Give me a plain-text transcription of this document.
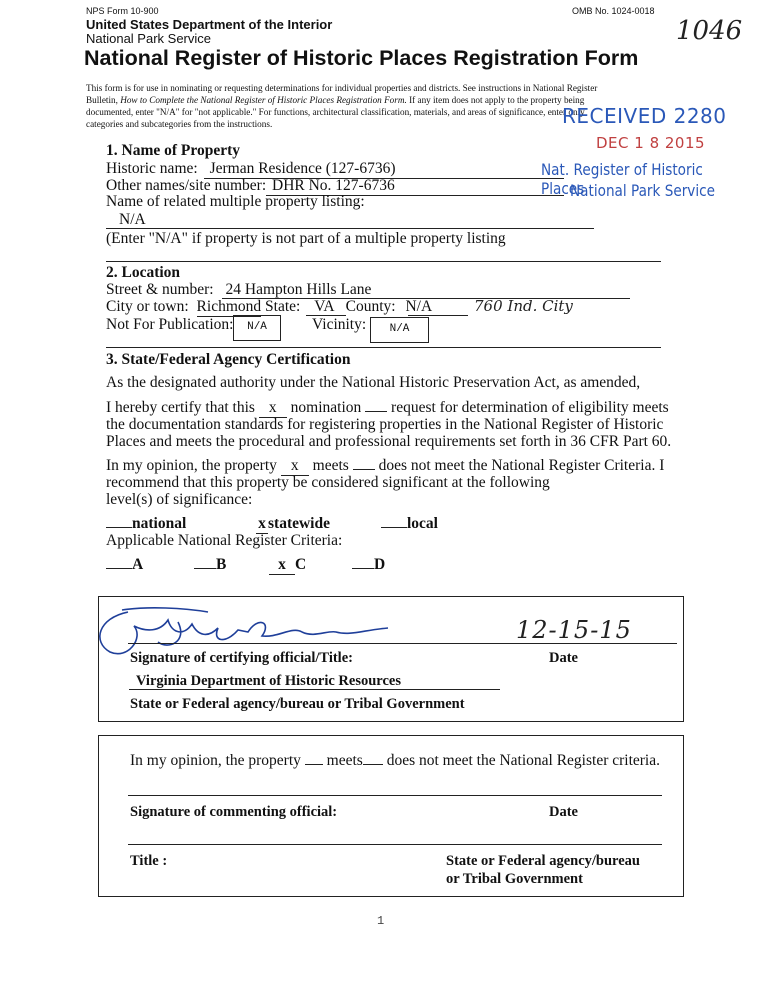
NPS Form 10-900	OMB No. 1024-0018
1046
United States Department of the Interior
National Park Service
National Register of Historic Places Registration Form
This form is for use in nominating or requesting determinations for individual properties and districts. See instructions in National Register
Bulletin, How to Complete the National Register of Historic Places Registration Form. If any item does not apply to the property being
documented, enter "N/A" for "not applicable." For functions, architectural classification, materials, and areas of significance, enter only
categories and subcategories from the instructions.	RECEIVED 2280
DEC 1 8 2015
Nat. Register of Historic Places
National Park Service
1. Name of Property
Historic name: Jerman Residence (127-6736)
Other names/site number: DHR No. 127-6736
Name of related multiple property listing:
N/A
(Enter "N/A" if property is not part of a multiple property listing
2. Location
Street & number: 24 Hampton Hills Lane
City or town: Richmond State: VA County: N/A	760 Ind. City
Not For Publication:	N/A	Vicinity:	N/A
3. State/Federal Agency Certification
As the designated authority under the National Historic Preservation Act, as amended,
I hereby certify that this x nomination request for determination of eligibility meets
the documentation standards for registering properties in the National Register of Historic
Places and meets the procedural and professional requirements set forth in 36 CFR Part 60.
In my opinion, the property x meets does not meet the National Register Criteria. I
recommend that this property be considered significant at the following
level(s) of significance:
national	x statewide	local
Applicable National Register Criteria:
A	B	x C	D
12-15-15
Signature of certifying official/Title:	Date
Virginia Department of Historic Resources
State or Federal agency/bureau or Tribal Government
In my opinion, the property meets does not meet the National Register criteria.
Signature of commenting official:	Date
Title :	State or Federal agency/bureau
or Tribal Government
1
